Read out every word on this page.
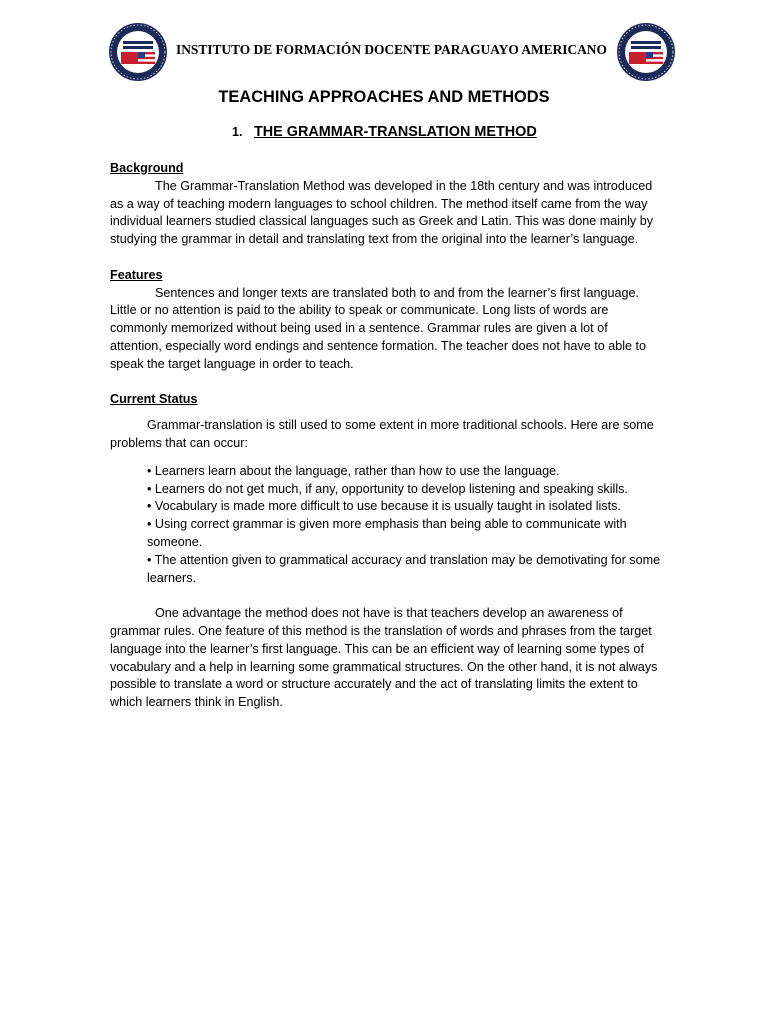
INSTITUTO DE FORMACIÓN DOCENTE PARAGUAYO AMERICANO
TEACHING APPROACHES AND METHODS
1. THE GRAMMAR-TRANSLATION METHOD

Background

The Grammar-Translation Method was developed in the 18th century and was introduced as a way of teaching modern languages to school children. The method itself came from the way individual learners studied classical languages such as Greek and Latin. This was done mainly by studying the grammar in detail and translating text from the original into the learner’s language.

Features

Sentences and longer texts are translated both to and from the learner’s first language. Little or no attention is paid to the ability to speak or communicate. Long lists of words are commonly memorized without being used in a sentence. Grammar rules are given a lot of attention, especially word endings and sentence formation. The teacher does not have to able to speak the target language in order to teach.

Current Status

Grammar-translation is still used to some extent in more traditional schools. Here are some problems that can occur:

• Learners learn about the language, rather than how to use the language.
• Learners do not get much, if any, opportunity to develop listening and speaking skills.
• Vocabulary is made more difficult to use because it is usually taught in isolated lists.
• Using correct grammar is given more emphasis than being able to communicate with someone.
• The attention given to grammatical accuracy and translation may be demotivating for some learners.

One advantage the method does not have is that teachers develop an awareness of grammar rules. One feature of this method is the translation of words and phrases from the target language into the learner’s first language. This can be an efficient way of learning some types of vocabulary and a help in learning some grammatical structures. On the other hand, it is not always possible to translate a word or structure accurately and the act of translating limits the extent to which learners think in English.
